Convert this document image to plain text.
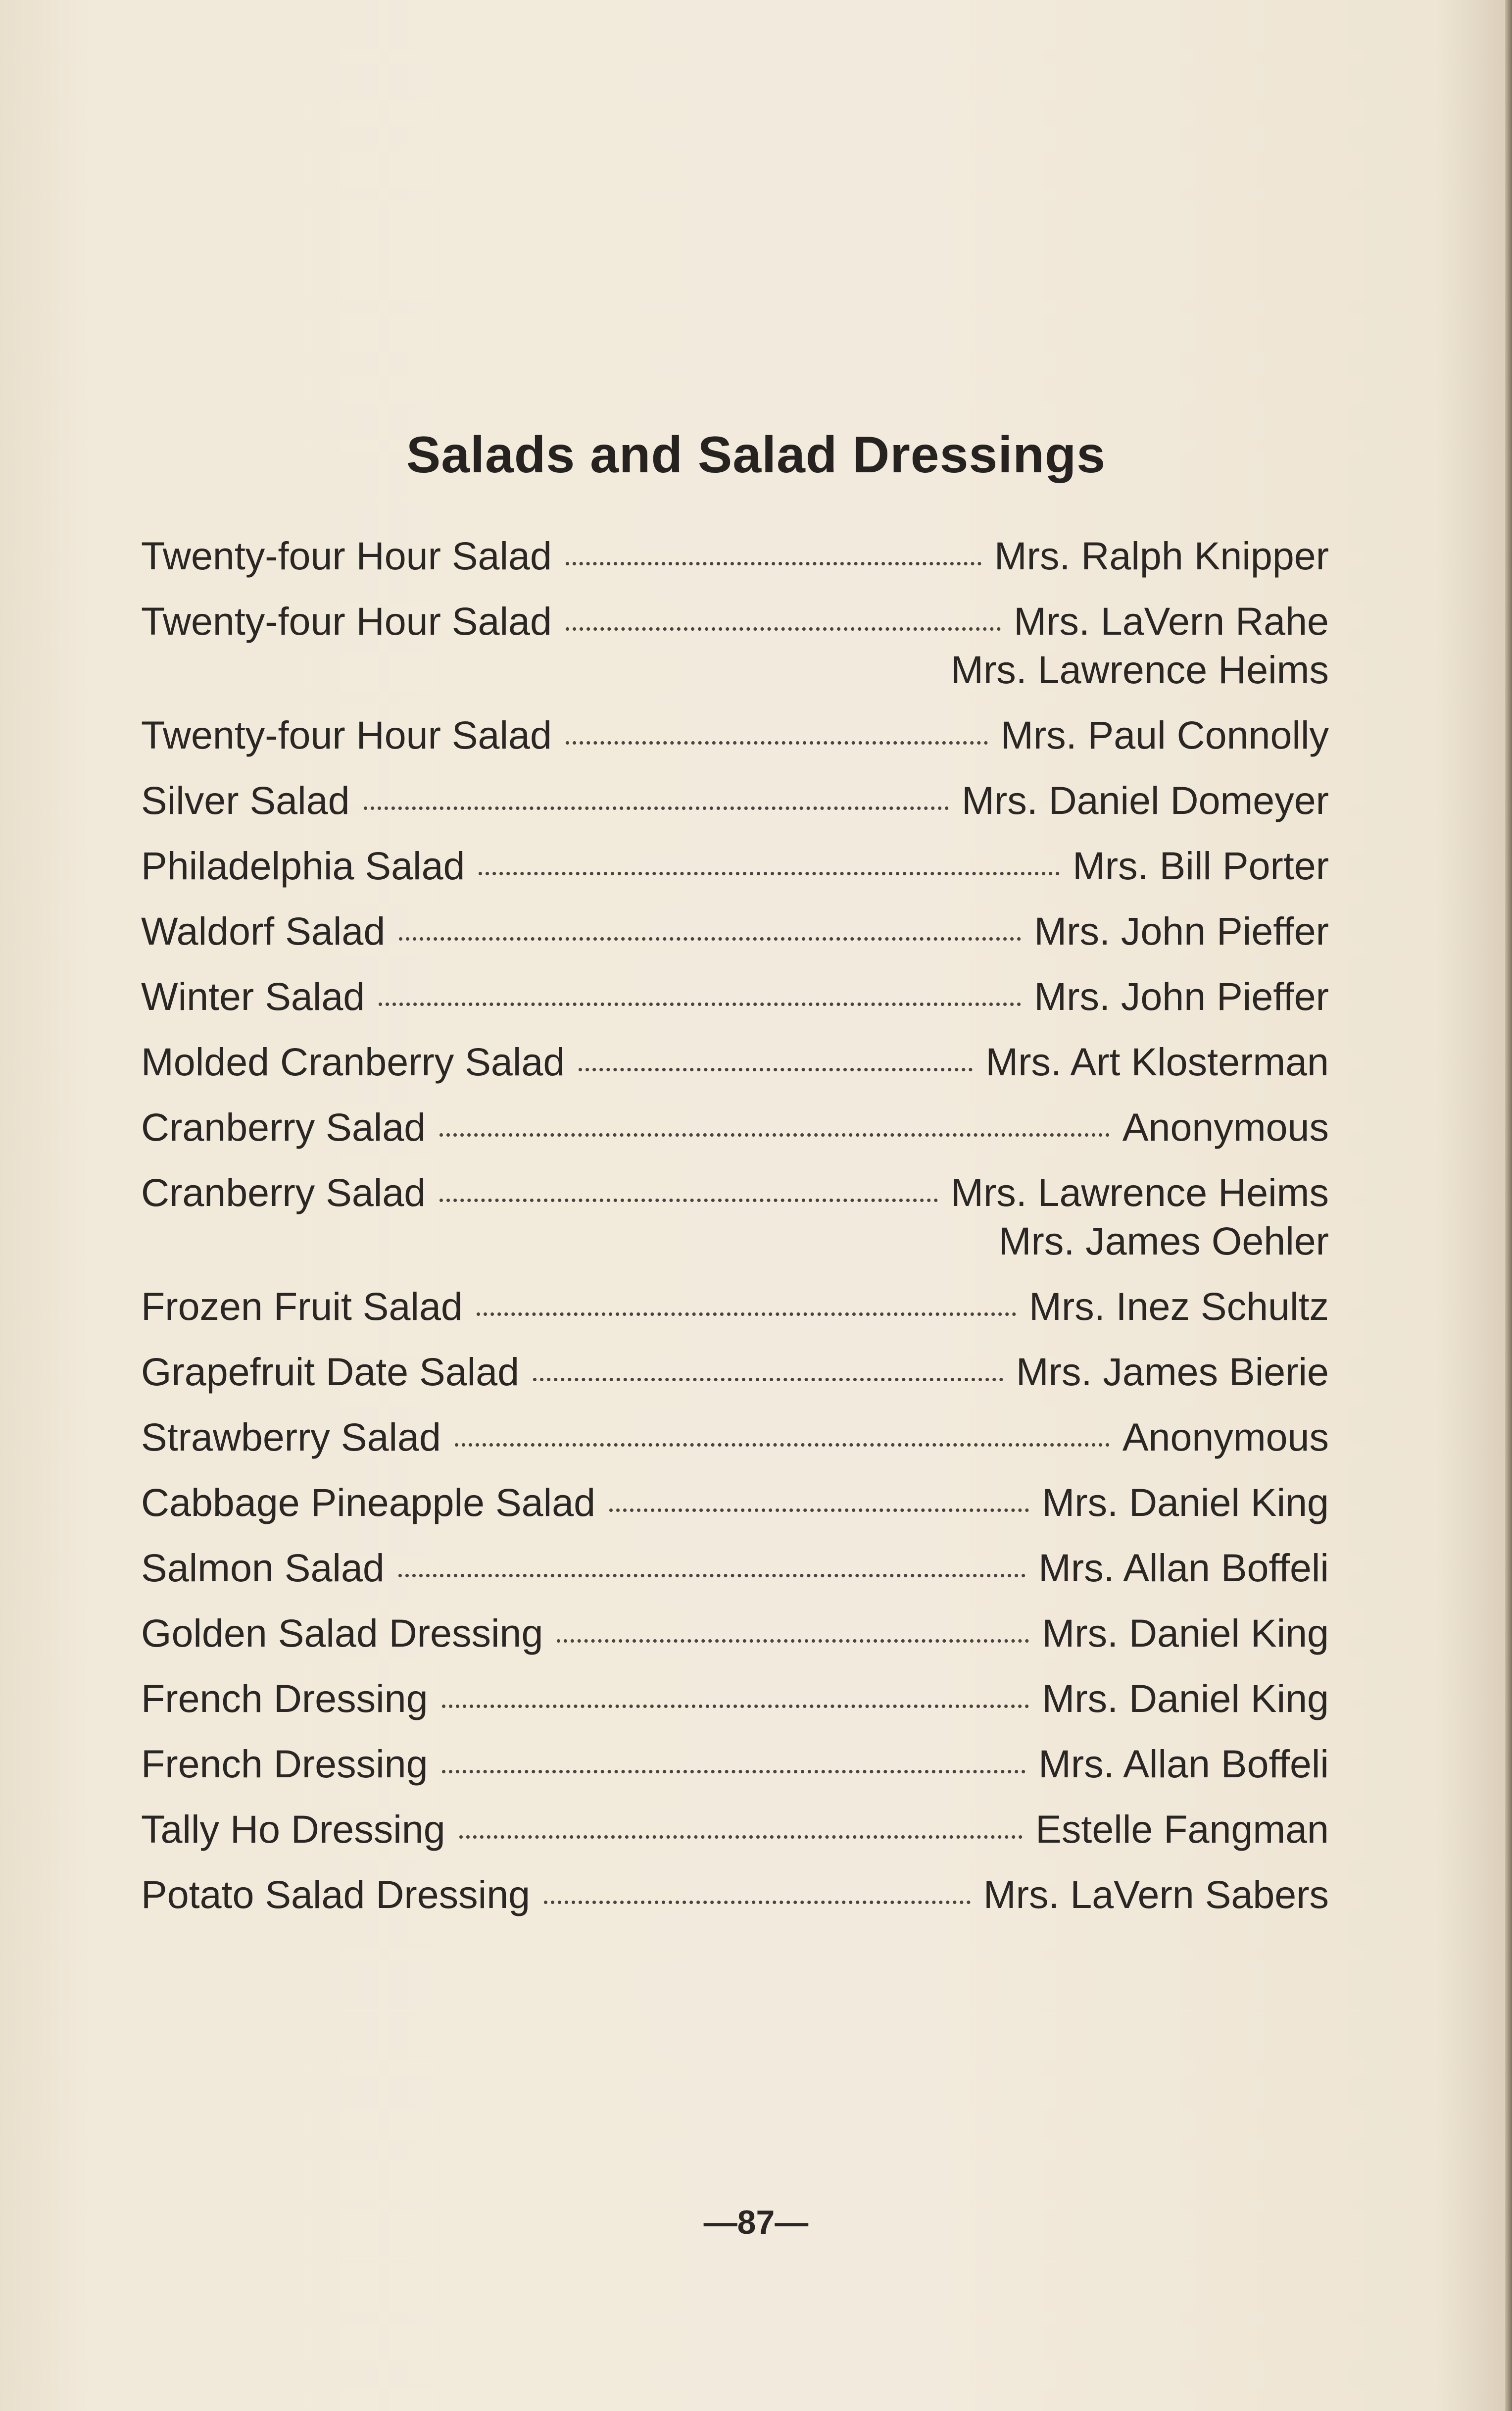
Salads and Salad Dressings
Twenty-four Hour Salad	Mrs. Ralph Knipper
Twenty-four Hour Salad	Mrs. LaVern Rahe
Mrs. Lawrence Heims
Twenty-four Hour Salad	Mrs. Paul Connolly
Silver Salad	Mrs. Daniel Domeyer
Philadelphia Salad	Mrs. Bill Porter
Waldorf Salad	Mrs. John Pieffer
Winter Salad	Mrs. John Pieffer
Molded Cranberry Salad	Mrs. Art Klosterman
Cranberry Salad	Anonymous
Cranberry Salad	Mrs. Lawrence Heims
Mrs. James Oehler
Frozen Fruit Salad	Mrs. Inez Schultz
Grapefruit Date Salad	Mrs. James Bierie
Strawberry Salad	Anonymous
Cabbage Pineapple Salad	Mrs. Daniel King
Salmon Salad	Mrs. Allan Boffeli
Golden Salad Dressing	Mrs. Daniel King
French Dressing	Mrs. Daniel King
French Dressing	Mrs. Allan Boffeli
Tally Ho Dressing	Estelle Fangman
Potato Salad Dressing	Mrs. LaVern Sabers
—87—
